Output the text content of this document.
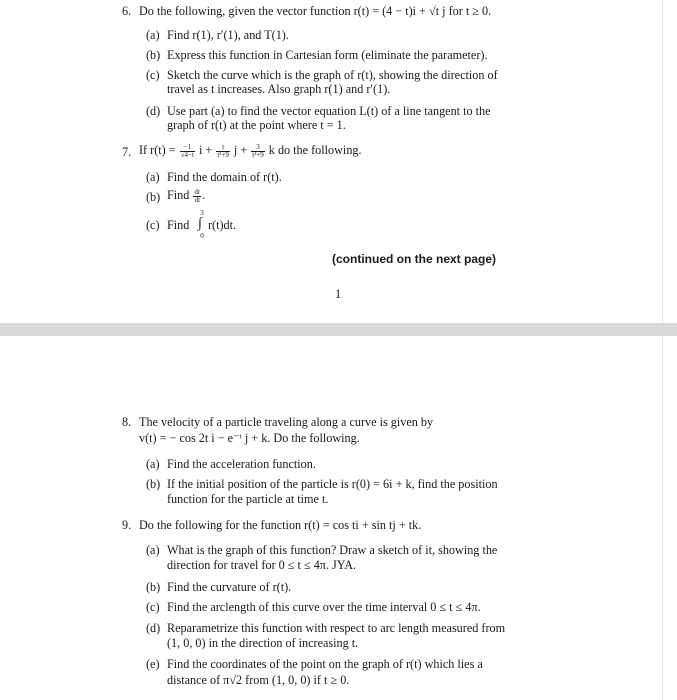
6. Do the following, given the vector function r(t) = (4 − t)i + √t j for t ≥ 0.
(a) Find r(1), r′(1), and T(1).
(b) Express this function in Cartesian form (eliminate the parameter).
(c) Sketch the curve which is the graph of r(t), showing the direction of
travel as t increases. Also graph r(1) and r′(1).
(d) Use part (a) to find the vector equation L(t) of a line tangent to the
graph of r(t) at the point where t = 1.
7. If $r(t) = \frac{-1}{√4-t}$ $i + \frac{t}{\text{t²+9}}$ $j + \frac{3}{\text{t²+9}}$ k do the following.
(a) Find the domain of r(t).
(b) Find $\frac{dr}{dt}$ .
(c) Find
3
∫
0
r(t)dt.
(continued on the next page)
1
8. The velocity of a particle traveling along a curve is given by
v(t) = − cos 2t i − e⁻ᵗ j + k. Do the following.
(a) Find the acceleration function.
(b) If the initial position of the particle is r(0) = 6i + k, find the position
function for the particle at time t.
9. Do the following for the function r(t) = cos ti + sin tj + tk.
(a) What is the graph of this function? Draw a sketch of it, showing the
direction for travel for 0 ≤ t ≤ 4π. JYA.
(b) Find the curvature of r(t).
(c) Find the arclength of this curve over the time interval 0 ≤ t ≤ 4π.
(d) Reparametrize this function with respect to arc length measured from
(1, 0, 0) in the direction of increasing t.
(e) Find the coordinates of the point on the graph of r(t) which lies a
distance of π√2 from (1, 0, 0) if t ≥ 0.
